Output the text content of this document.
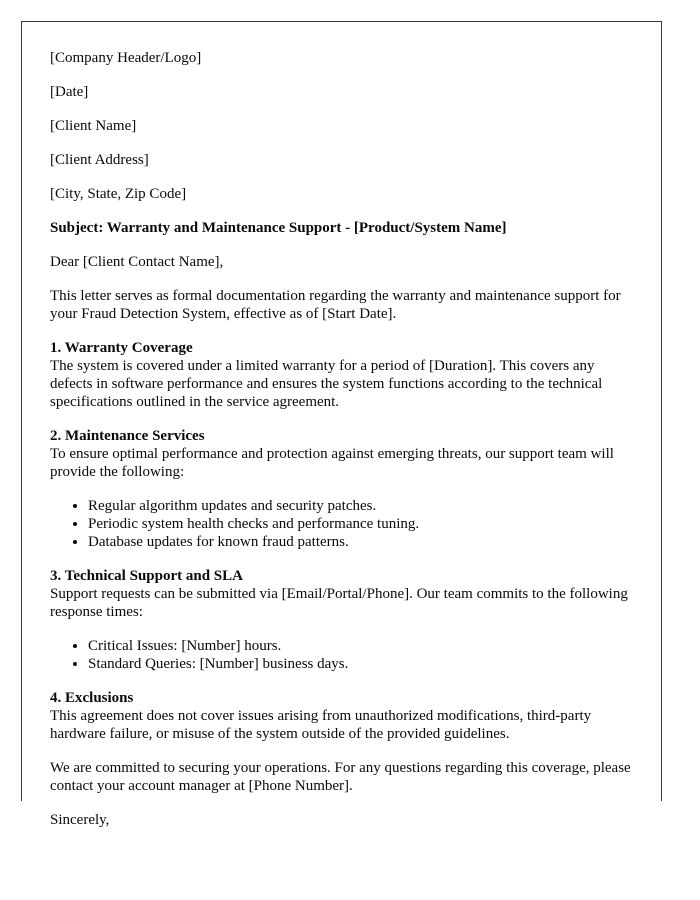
[Company Header/Logo]

[Date]

[Client Name]

[Client Address]

[City, State, Zip Code]

Subject: Warranty and Maintenance Support - [Product/System Name]

Dear [Client Contact Name],

This letter serves as formal documentation regarding the warranty and maintenance support for your Fraud Detection System, effective as of [Start Date].

1. Warranty Coverage

The system is covered under a limited warranty for a period of [Duration]. This covers any defects in software performance and ensures the system functions according to the technical specifications outlined in the service agreement.

2. Maintenance Services

To ensure optimal performance and protection against emerging threats, our support team will provide the following:

• Regular algorithm updates and security patches.
• Periodic system health checks and performance tuning.
• Database updates for known fraud patterns.
3. Technical Support and SLA

Support requests can be submitted via [Email/Portal/Phone]. Our team commits to the following response times:

• Critical Issues: [Number] hours.
• Standard Queries: [Number] business days.
4. Exclusions

This agreement does not cover issues arising from unauthorized modifications, third-party hardware failure, or misuse of the system outside of the provided guidelines.

We are committed to securing your operations. For any questions regarding this coverage, please contact your account manager at [Phone Number].

Sincerely,
